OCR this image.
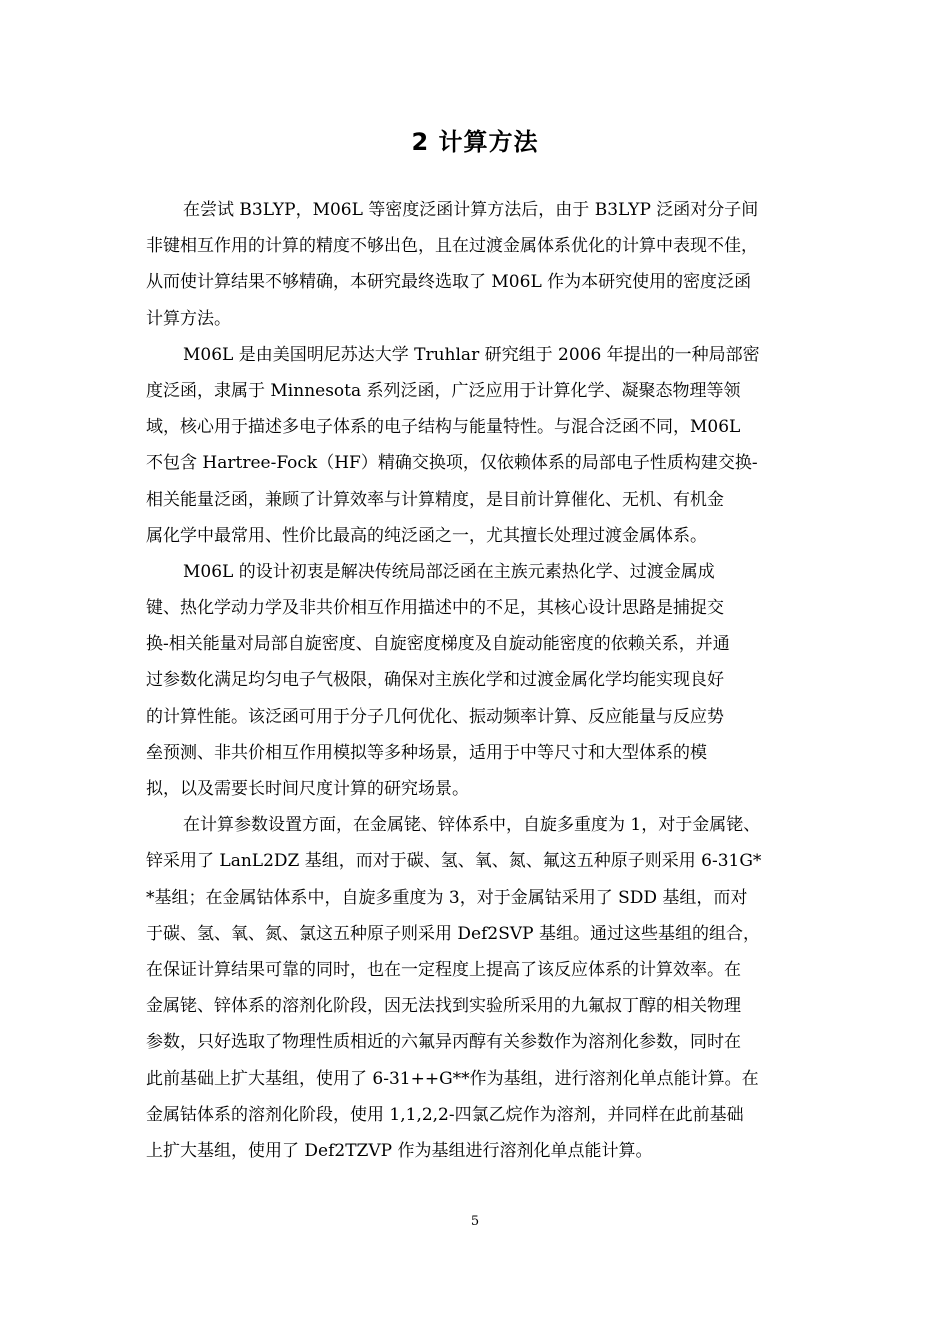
2 计算方法
在尝试 B3LYP，M06L 等密度泛函计算方法后，由于 B3LYP 泛函对分子间
非键相互作用的计算的精度不够出色，且在过渡金属体系优化的计算中表现不佳，
从而使计算结果不够精确，本研究最终选取了 M06L 作为本研究使用的密度泛函
计算方法。
M06L 是由美国明尼苏达大学 Truhlar 研究组于 2006 年提出的一种局部密
度泛函，隶属于 Minnesota 系列泛函，广泛应用于计算化学、凝聚态物理等领
域，核心用于描述多电子体系的电子结构与能量特性。与混合泛函不同，M06L
不包含 Hartree-Fock（HF）精确交换项，仅依赖体系的局部电子性质构建交换-
相关能量泛函，兼顾了计算效率与计算精度，是目前计算催化、无机、有机金
属化学中最常用、性价比最高的纯泛函之一，尤其擅长处理过渡金属体系。
M06L 的设计初衷是解决传统局部泛函在主族元素热化学、过渡金属成
键、热化学动力学及非共价相互作用描述中的不足，其核心设计思路是捕捉交
换-相关能量对局部自旋密度、自旋密度梯度及自旋动能密度的依赖关系，并通
过参数化满足均匀电子气极限，确保对主族化学和过渡金属化学均能实现良好
的计算性能。该泛函可用于分子几何优化、振动频率计算、反应能量与反应势
垒预测、非共价相互作用模拟等多种场景，适用于中等尺寸和大型体系的模
拟，以及需要长时间尺度计算的研究场景。
在计算参数设置方面，在金属铑、锌体系中，自旋多重度为 1，对于金属铑、
锌采用了 LanL2DZ 基组，而对于碳、氢、氧、氮、氟这五种原子则采用 6-31G*
*基组；在金属钴体系中，自旋多重度为 3，对于金属钴采用了 SDD 基组，而对
于碳、氢、氧、氮、氯这五种原子则采用 Def2SVP 基组。通过这些基组的组合，
在保证计算结果可靠的同时，也在一定程度上提高了该反应体系的计算效率。在
金属铑、锌体系的溶剂化阶段，因无法找到实验所采用的九氟叔丁醇的相关物理
参数，只好选取了物理性质相近的六氟异丙醇有关参数作为溶剂化参数，同时在
此前基础上扩大基组，使用了 6-31++G**作为基组，进行溶剂化单点能计算。在
金属钴体系的溶剂化阶段，使用 1,1,2,2-四氯乙烷作为溶剂，并同样在此前基础
上扩大基组，使用了 Def2TZVP 作为基组进行溶剂化单点能计算。
5
